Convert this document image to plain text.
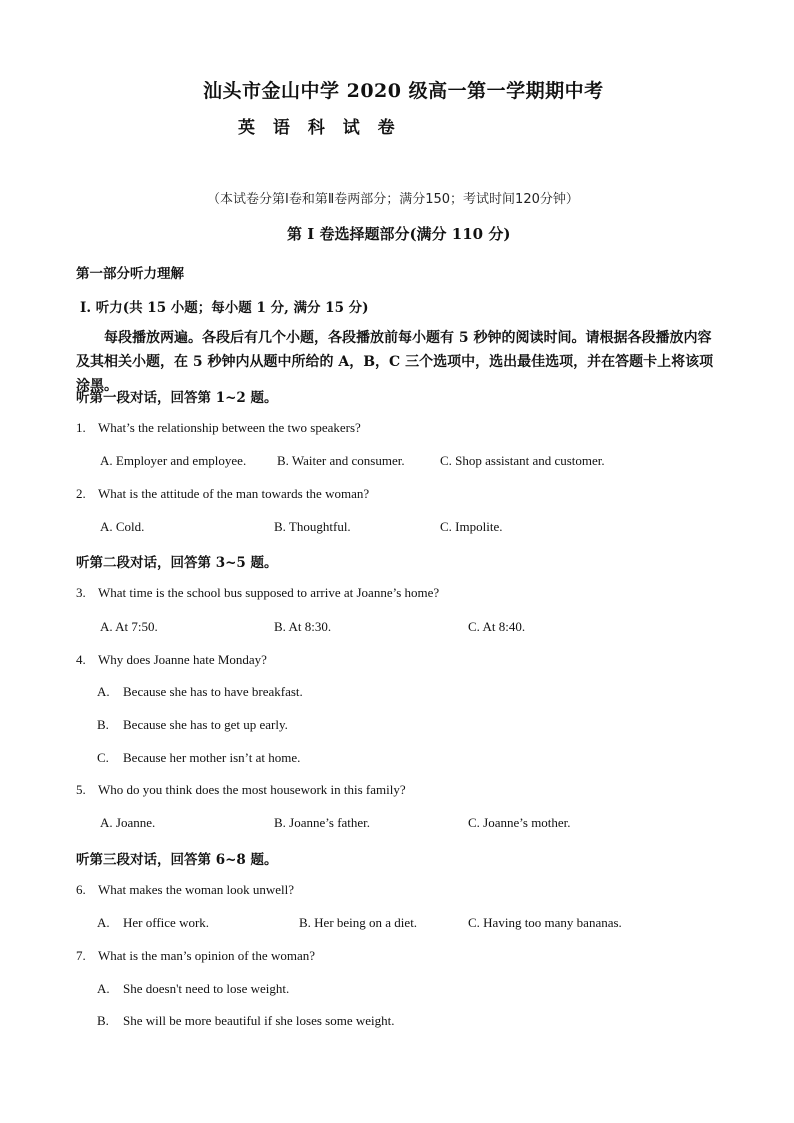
汕头市金山中学 2020 级高一第一学期期中考
英 语 科 试 卷
（本试卷分第Ⅰ卷和第Ⅱ卷两部分；满分150；考试时间120分钟）
第 I 卷选择题部分(满分 110 分)
第一部分听力理解
Ⅰ. 听力(共 15 小题；每小题 1 分, 满分 15 分)
每段播放两遍。各段后有几个小题，各段播放前每小题有 5 秒钟的阅读时间。请根据各段播放内容及其相关小题，在 5 秒钟内从题中所给的 A，B，C 三个选项中，选出最佳选项，并在答题卡上将该项涂黑。
听第一段对话，回答第 1~2 题。
1. What’s the relationship between the two speakers?
A. Employer and employee. B. Waiter and consumer.	C. Shop assistant and customer.
2. What is the attitude of the man towards the woman?
A. Cold.	B. Thoughtful.	C. Impolite.
听第二段对话，回答第 3~5 题。
3. What time is the school bus supposed to arrive at Joanne’s home?
A. At 7:50.	B. At 8:30.	C. At 8:40.
4. Why does Joanne hate Monday?
A. Because she has to have breakfast.
B. Because she has to get up early.
C. Because her mother isn’t at home.
5. Who do you think does the most housework in this family?
A. Joanne.	B. Joanne’s father.	C. Joanne’s mother.
听第三段对话，回答第 6~8 题。
6. What makes the woman look unwell?
A. Her office work.	B. Her being on a diet.	C. Having too many bananas.
7. What is the man’s opinion of the woman?
A. She doesn't need to lose weight.
B. She will be more beautiful if she loses some weight.
